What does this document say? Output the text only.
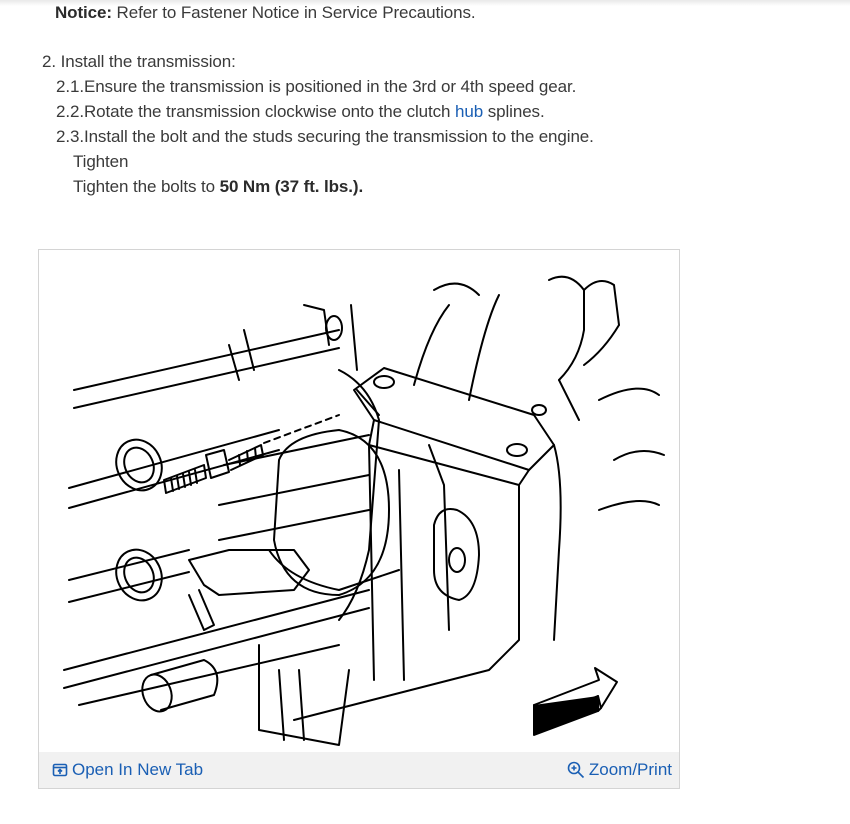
Notice: Refer to Fastener Notice in Service Precautions.
2. Install the transmission:
2.1.Ensure the transmission is positioned in the 3rd or 4th speed gear.
2.2.Rotate the transmission clockwise onto the clutch hub splines.
2.3.Install the bolt and the studs securing the transmission to the engine.
Tighten
Tighten the bolts to 50 Nm (37 ft. lbs.).
Open In New Tab	Zoom/Print
